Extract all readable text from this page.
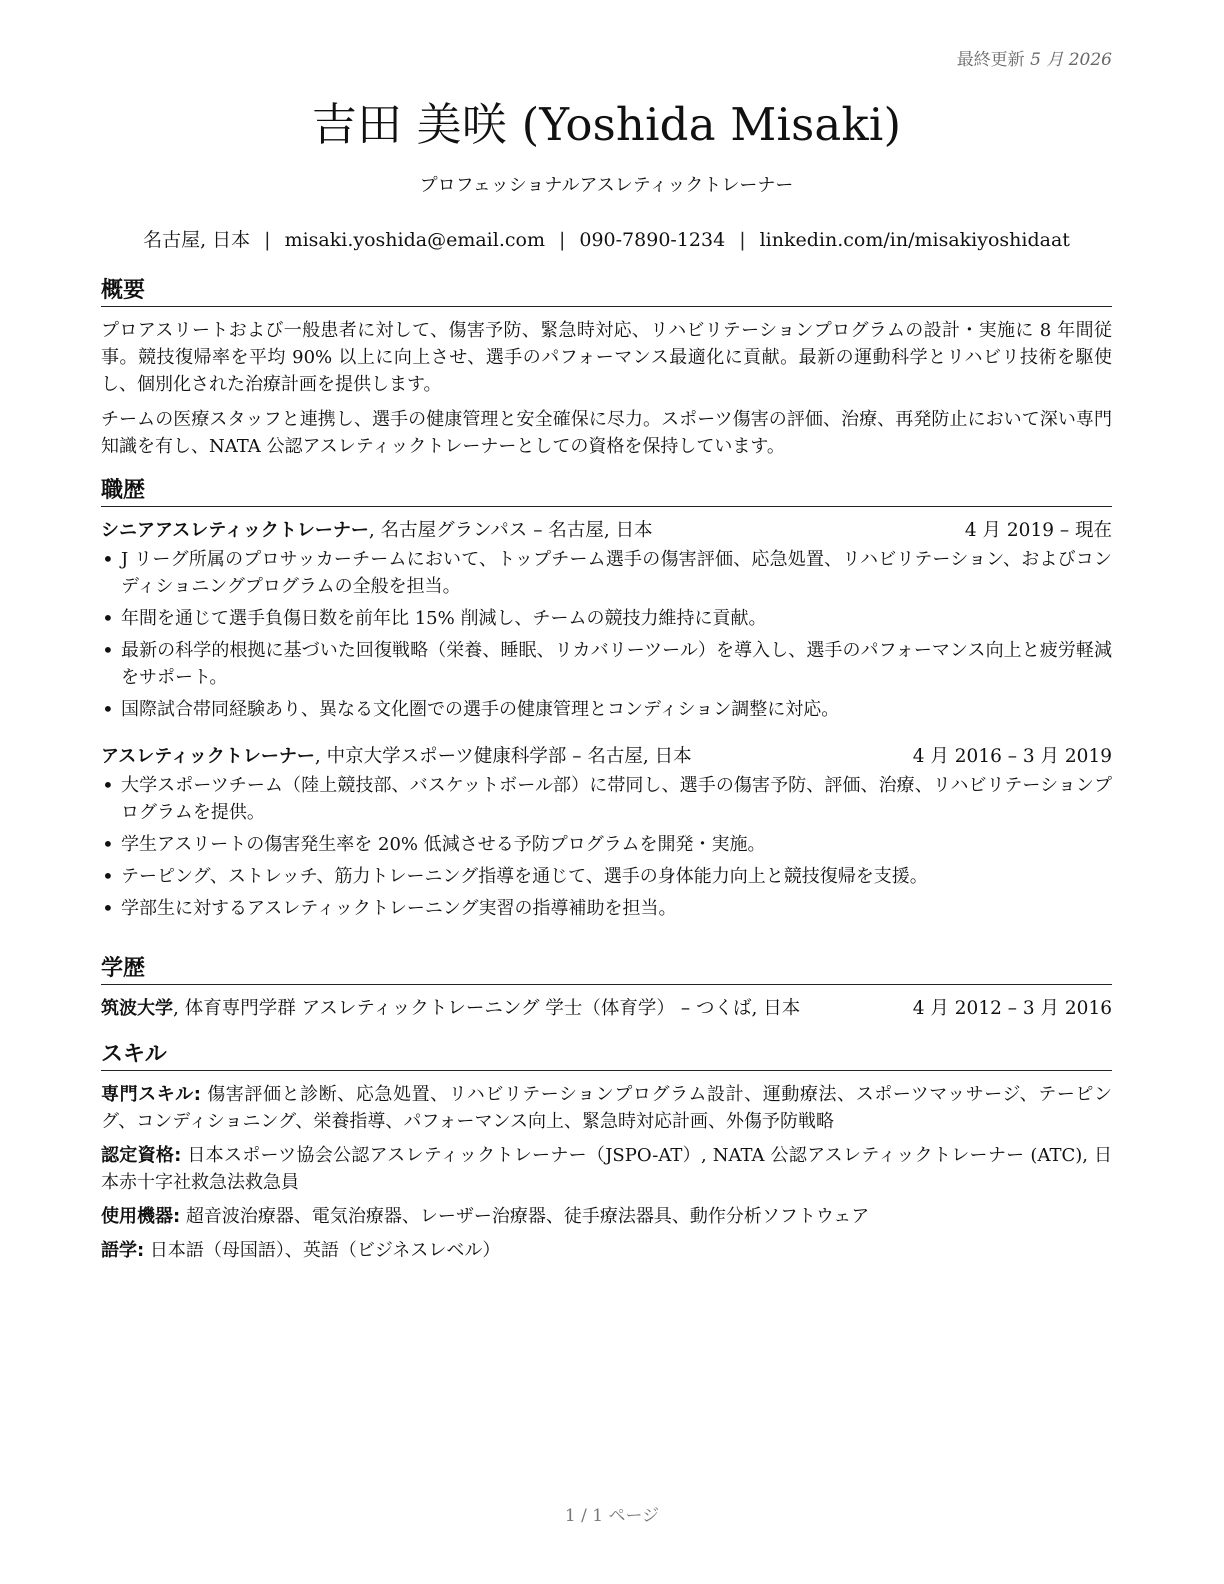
最終更新 5 月 2026
吉田 美咲 (Yoshida Misaki)
プロフェッショナルアスレティックトレーナー
名古屋, 日本 | misaki.yoshida@email.com | 090-7890-1234 | linkedin.com/in/misakiyoshidaat
概要

プロアスリートおよび一般患者に対して、傷害予防、緊急時対応、リハビリテーションプログラムの設計・実施に 8 年間従事。競技復帰率を平均 90% 以上に向上させ、選手のパフォーマンス最適化に貢献。最新の運動科学とリハビリ技術を駆使し、個別化された治療計画を提供します。

チームの医療スタッフと連携し、選手の健康管理と安全確保に尽力。スポーツ傷害の評価、治療、再発防止において深い専門知識を有し、NATA 公認アスレティックトレーナーとしての資格を保持しています。

職歴
シニアアスレティックトレーナー, 名古屋グランパス – 名古屋, 日本	4 月 2019 – 現在
• J リーグ所属のプロサッカーチームにおいて、トップチーム選手の傷害評価、応急処置、リハビリテーション、およびコンディショニングプログラムの全般を担当。
• 年間を通じて選手負傷日数を前年比 15% 削減し、チームの競技力維持に貢献。
• 最新の科学的根拠に基づいた回復戦略（栄養、睡眠、リカバリーツール）を導入し、選手のパフォーマンス向上と疲労軽減をサポート。
• 国際試合帯同経験あり、異なる文化圏での選手の健康管理とコンディション調整に対応。
アスレティックトレーナー, 中京大学スポーツ健康科学部 – 名古屋, 日本	4 月 2016 – 3 月 2019
• 大学スポーツチーム（陸上競技部、バスケットボール部）に帯同し、選手の傷害予防、評価、治療、リハビリテーションプログラムを提供。
• 学生アスリートの傷害発生率を 20% 低減させる予防プログラムを開発・実施。
• テーピング、ストレッチ、筋力トレーニング指導を通じて、選手の身体能力向上と競技復帰を支援。
• 学部生に対するアスレティックトレーニング実習の指導補助を担当。
学歴
筑波大学, 体育専門学群 アスレティックトレーニング 学士（体育学） – つくば, 日本	4 月 2012 – 3 月 2016
スキル

専門スキル: 傷害評価と診断、応急処置、リハビリテーションプログラム設計、運動療法、スポーツマッサージ、テーピング、コンディショニング、栄養指導、パフォーマンス向上、緊急時対応計画、外傷予防戦略

認定資格: 日本スポーツ協会公認アスレティックトレーナー（JSPO-AT）, NATA 公認アスレティックトレーナー (ATC), 日本赤十字社救急法救急員

使用機器: 超音波治療器、電気治療器、レーザー治療器、徒手療法器具、動作分析ソフトウェア

語学: 日本語（母国語）、英語（ビジネスレベル）

1 / 1 ページ
